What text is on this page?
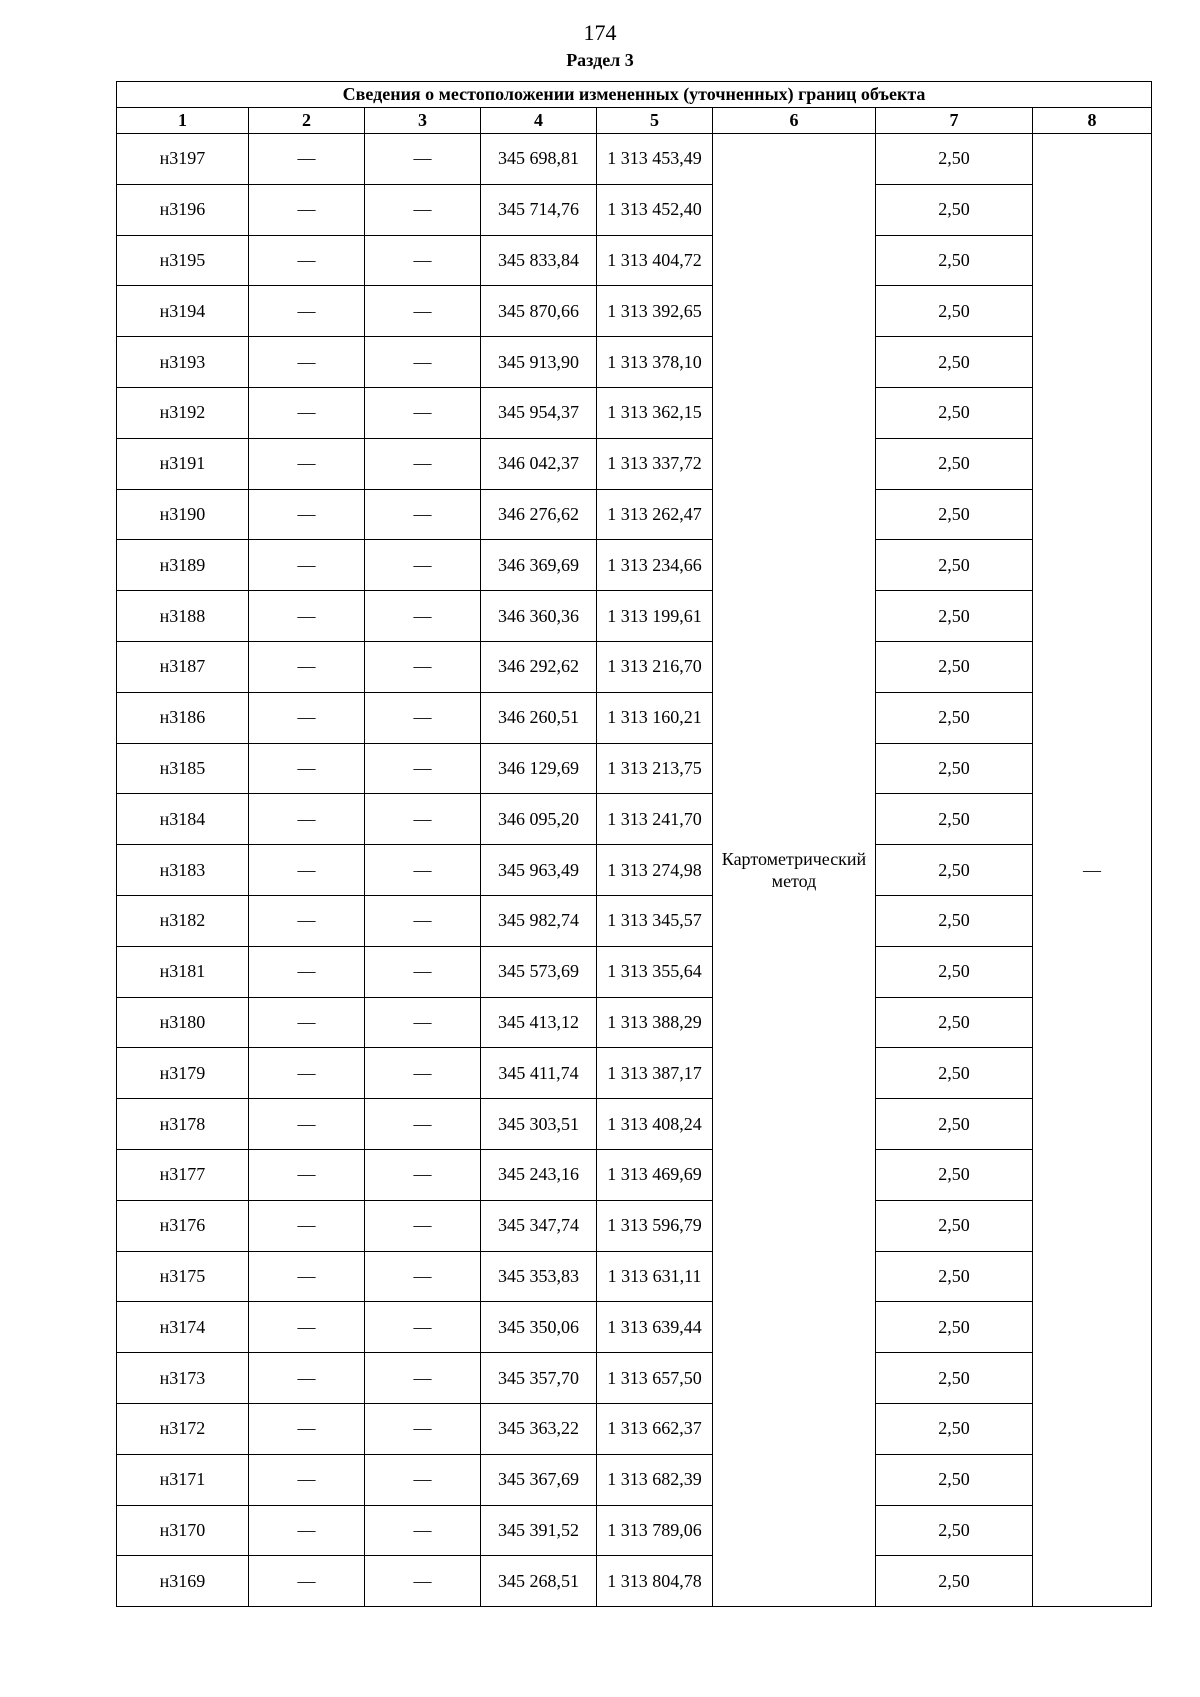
174
Раздел 3
Сведения о местоположении измененных (уточненных) границ объекта							
1	2	3	4	5	6	7	8
н3197	—	—	345 698,81	1 313 453,49	Картометрический метод	2,50	—
н3196	—	—	345 714,76	1 313 452,40		2,50	
н3195	—	—	345 833,84	1 313 404,72		2,50	
н3194	—	—	345 870,66	1 313 392,65		2,50	
н3193	—	—	345 913,90	1 313 378,10		2,50	
н3192	—	—	345 954,37	1 313 362,15		2,50	
н3191	—	—	346 042,37	1 313 337,72		2,50	
н3190	—	—	346 276,62	1 313 262,47		2,50	
н3189	—	—	346 369,69	1 313 234,66		2,50	
н3188	—	—	346 360,36	1 313 199,61		2,50	
н3187	—	—	346 292,62	1 313 216,70		2,50	
н3186	—	—	346 260,51	1 313 160,21		2,50	
н3185	—	—	346 129,69	1 313 213,75		2,50	
н3184	—	—	346 095,20	1 313 241,70		2,50	
н3183	—	—	345 963,49	1 313 274,98		2,50	
н3182	—	—	345 982,74	1 313 345,57		2,50	
н3181	—	—	345 573,69	1 313 355,64		2,50	
н3180	—	—	345 413,12	1 313 388,29		2,50	
н3179	—	—	345 411,74	1 313 387,17		2,50	
н3178	—	—	345 303,51	1 313 408,24		2,50	
н3177	—	—	345 243,16	1 313 469,69		2,50	
н3176	—	—	345 347,74	1 313 596,79		2,50	
н3175	—	—	345 353,83	1 313 631,11		2,50	
н3174	—	—	345 350,06	1 313 639,44		2,50	
н3173	—	—	345 357,70	1 313 657,50		2,50	
н3172	—	—	345 363,22	1 313 662,37		2,50	
н3171	—	—	345 367,69	1 313 682,39		2,50	
н3170	—	—	345 391,52	1 313 789,06		2,50	
н3169	—	—	345 268,51	1 313 804,78		2,50	
